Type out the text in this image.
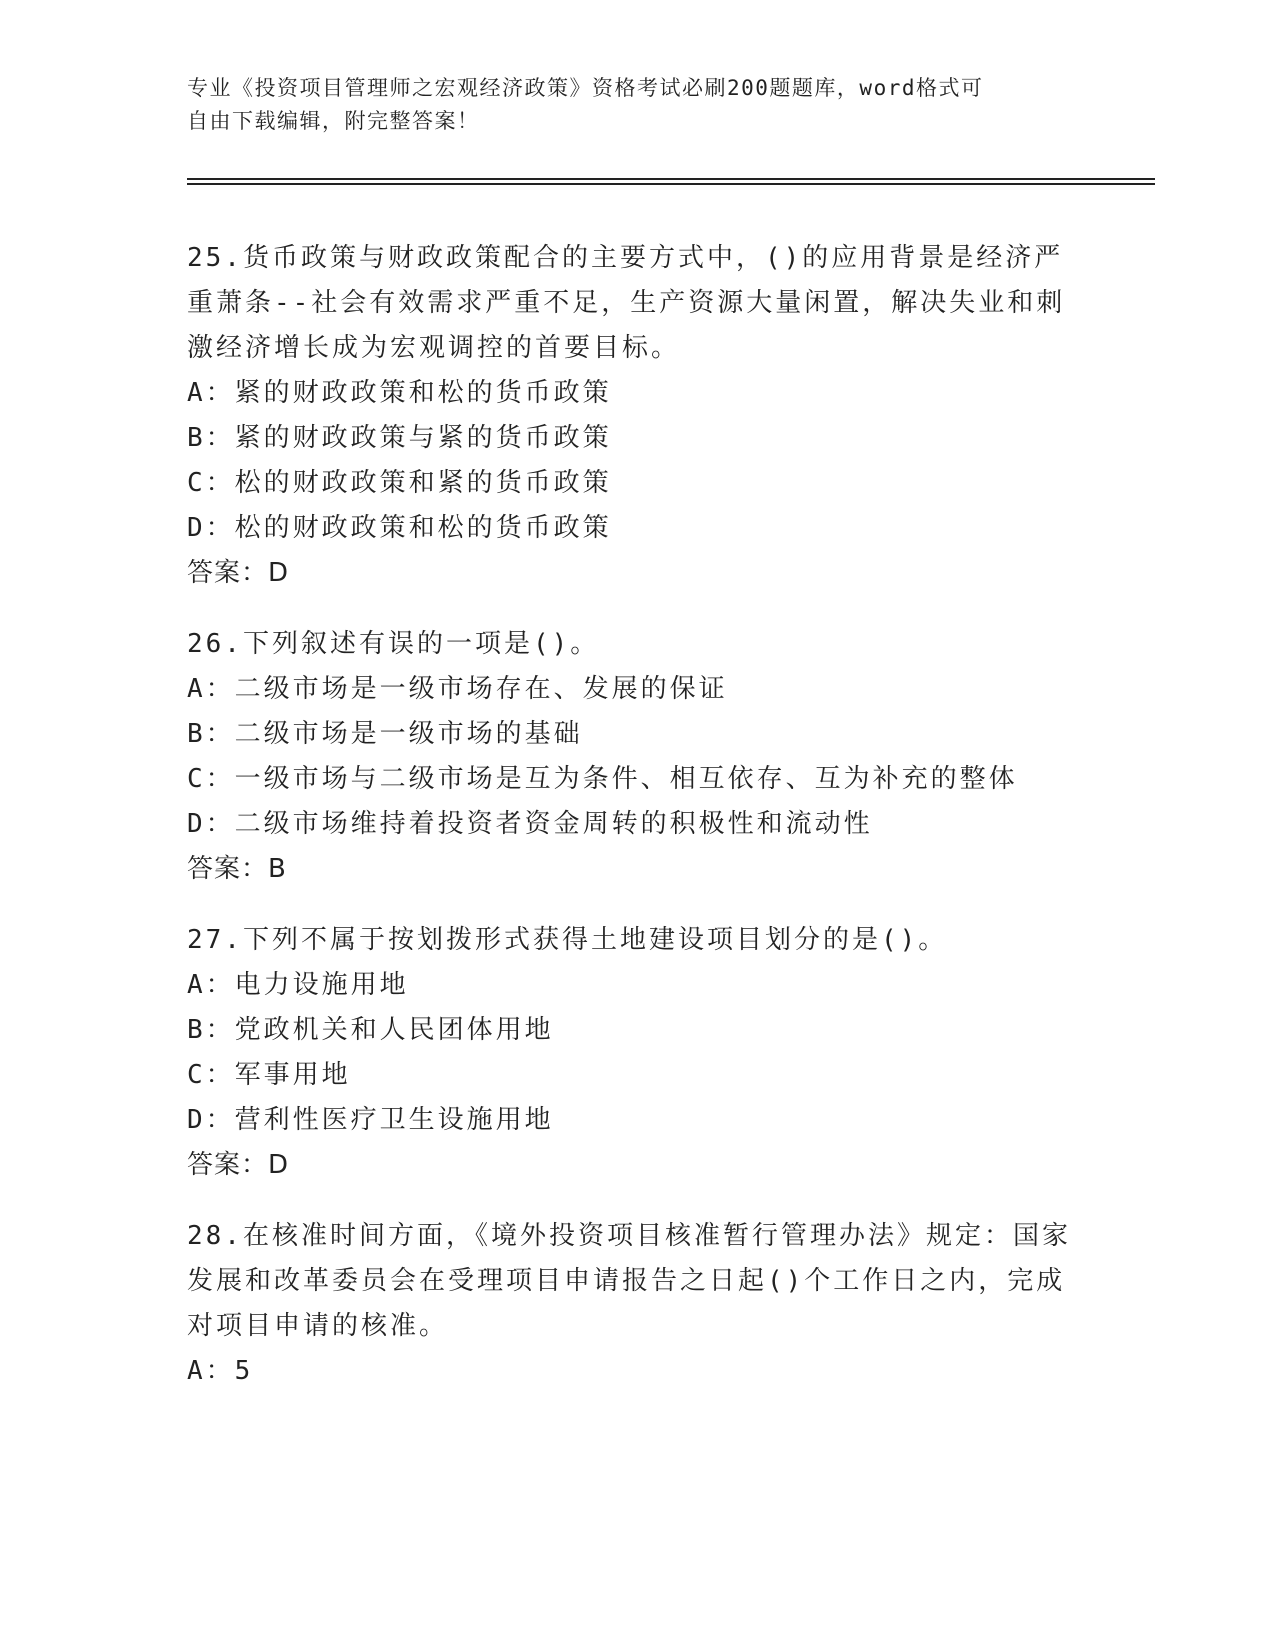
专业《投资项目管理师之宏观经济政策》资格考试必刷200题题库，word格式可
自由下载编辑，附完整答案！

25.货币政策与财政政策配合的主要方式中，()的应用背景是经济严重萧条--社会有效需求严重不足，生产资源大量闲置，解决失业和刺激经济增长成为宏观调控的首要目标。

A：紧的财政政策和松的货币政策

B：紧的财政政策与紧的货币政策

C：松的财政政策和紧的货币政策

D：松的财政政策和松的货币政策

答案：D

26.下列叙述有误的一项是()。

A：二级市场是一级市场存在、发展的保证

B：二级市场是一级市场的基础

C：一级市场与二级市场是互为条件、相互依存、互为补充的整体

D：二级市场维持着投资者资金周转的积极性和流动性

答案：B

27.下列不属于按划拨形式获得土地建设项目划分的是()。

A：电力设施用地

B：党政机关和人民团体用地

C：军事用地

D：营利性医疗卫生设施用地

答案：D

28.在核准时间方面，《境外投资项目核准暂行管理办法》规定：国家发展和改革委员会在受理项目申请报告之日起()个工作日之内，完成对项目申请的核准。

A：5
